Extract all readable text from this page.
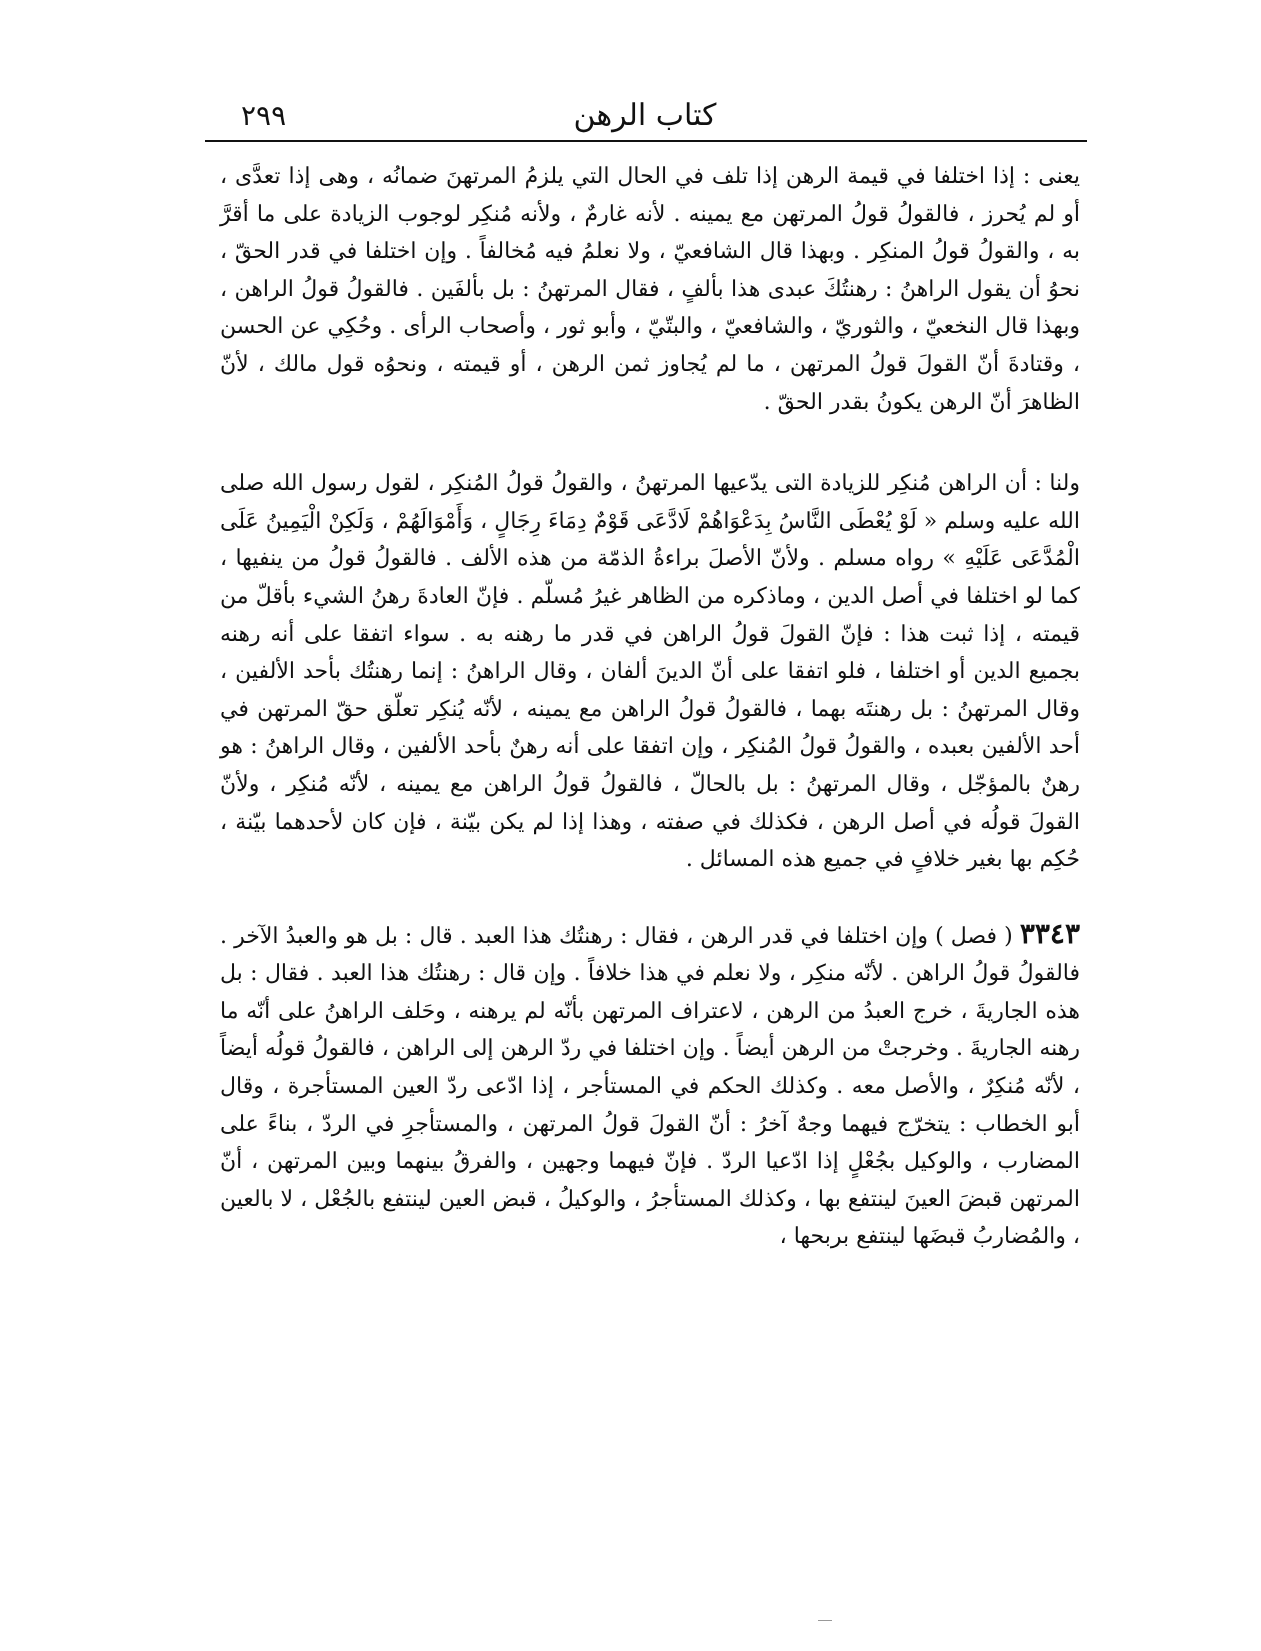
كتاب الرهن
٢٩٩

يعنى : إذا اختلفا في قيمة الرهن إذا تلف في الحال التي يلزمُ المرتهنَ ضمانُه ، وهى إذا تعدَّى ، أو لم يُحرز ، فالقولُ قولُ المرتهن مع يمينه . لأنه غارمٌ ، ولأنه مُنكِر لوجوب الزيادة على ما أقرَّ به ، والقولُ قولُ المنكِر . وبهذا قال الشافعيّ ، ولا نعلمُ فيه مُخالفاً . وإن اختلفا في قدر الحقّ ، نحوُ أن يقول الراهنُ : رهنتُكَ عبدى هذا بألفٍ ، فقال المرتهنُ : بل بألفَين . فالقولُ قولُ الراهن ، وبهذا قال النخعيّ ، والثوريّ ، والشافعيّ ، والبتّيّ ، وأبو ثور ، وأصحاب الرأى . وحُكِي عن الحسن ، وقتادةَ أنّ القولَ قولُ المرتهن ، ما لم يُجاوز ثمن الرهن ، أو قيمته ، ونحوُه قول مالك ، لأنّ الظاهرَ أنّ الرهن يكونُ بقدر الحقّ .

ولنا : أن الراهن مُنكِر للزيادة التى يدّعيها المرتهنُ ، والقولُ قولُ المُنكِر ، لقول رسول الله صلى الله عليه وسلم « لَوْ يُعْطَى النَّاسُ بِدَعْوَاهُمْ لَادَّعَى قَوْمٌ دِمَاءَ رِجَالٍ ، وَأَمْوَالَهُمْ ، وَلَكِنْ الْيَمِينُ عَلَى الْمُدَّعَى عَلَيْهِ » رواه مسلم . ولأنّ الأصلَ براءةُ الذمّة من هذه الألف . فالقولُ قولُ من ينفيها ، كما لو اختلفا في أصل الدين ، وماذكره من الظاهر غيرُ مُسلّم . فإنّ العادةَ رهنُ الشيء بأقلّ من قيمته ، إذا ثبت هذا : فإنّ القولَ قولُ الراهن في قدر ما رهنه به . سواء اتفقا على أنه رهنه بجميع الدين أو اختلفا ، فلو اتفقا على أنّ الدينَ ألفان ، وقال الراهنُ : إنما رهنتُك بأحد الألفين ، وقال المرتهنُ : بل رهنتَه بهما ، فالقولُ قولُ الراهن مع يمينه ، لأنّه يُنكِر تعلّق حقّ المرتهن في أحد الألفين بعبده ، والقولُ قولُ المُنكِر ، وإن اتفقا على أنه رهنٌ بأحد الألفين ، وقال الراهنُ : هو رهنٌ بالمؤجّل ، وقال المرتهنُ : بل بالحالّ ، فالقولُ قولُ الراهن مع يمينه ، لأنّه مُنكِر ، ولأنّ القولَ قولُه في أصل الرهن ، فكذلك في صفته ، وهذا إذا لم يكن بيّنة ، فإن كان لأحدهما بيّنة ، حُكِم بها بغير خلافٍ في جميع هذه المسائل .

٣٣٤٣ ( فصل ) وإن اختلفا في قدر الرهن ، فقال : رهنتُك هذا العبد . قال : بل هو والعبدُ الآخر . فالقولُ قولُ الراهن . لأنّه منكِر ، ولا نعلم في هذا خلافاً . وإن قال : رهنتُك هذا العبد . فقال : بل هذه الجاريةَ ، خرج العبدُ من الرهن ، لاعتراف المرتهن بأنّه لم يرهنه ، وحَلف الراهنُ على أنّه ما رهنه الجاريةَ . وخرجتْ من الرهن أيضاً . وإن اختلفا في ردّ الرهن إلى الراهن ، فالقولُ قولُه أيضاً ، لأنّه مُنكِرٌ ، والأصل معه . وكذلك الحكم في المستأجر ، إذا ادّعى ردّ العين المستأجرة ، وقال أبو الخطاب : يتخرّج فيهما وجهٌ آخرُ : أنّ القولَ قولُ المرتهن ، والمستأجرِ في الردّ ، بناءً على المضارب ، والوكيل بجُعْلٍ إذا ادّعيا الردّ . فإنّ فيهما وجهين ، والفرقُ بينهما وبين المرتهن ، أنّ المرتهن قبضَ العينَ لينتفع بها ، وكذلك المستأجرُ ، والوكيلُ ، قبض العين لينتفع بالجُعْل ، لا بالعين ، والمُضاربُ قبضَها لينتفع بربحها ،
